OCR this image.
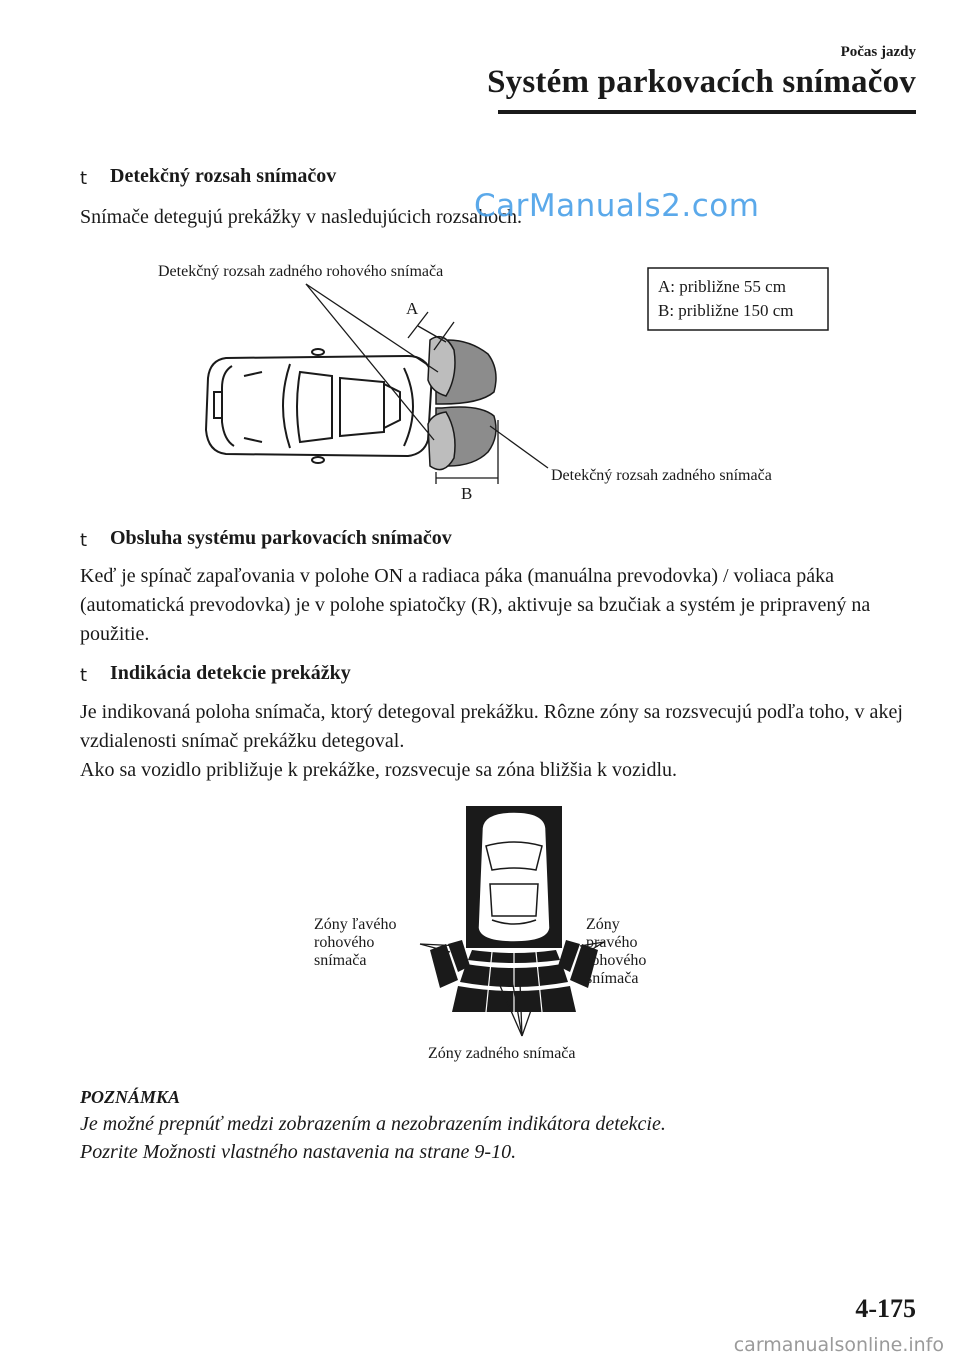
Počas jazdy
Systém parkovacích snímačov
t Detekčný rozsah snímačov
Snímače detegujú prekážky v nasledujúcich rozsahoch.
CarManuals2.com
A: približne 55 cm
B: približne 150 cm
Detekčný rozsah zadného rohového snímača
Detekčný rozsah zadného snímača
A
B
t Obsluha systému parkovacích snímačov
Keď je spínač zapaľovania v polohe ON a radiaca páka (manuálna prevodovka) / voliaca páka (automatická prevodovka) je v polohe spiatočky (R), aktivuje sa bzučiak a systém je pripravený na použitie.
t Indikácia detekcie prekážky
Je indikovaná poloha snímača, ktorý detegoval prekážku. Rôzne zóny sa rozsvecujú podľa toho, v akej vzdialenosti snímač prekážku detegoval.
Ako sa vozidlo približuje k prekážke, rozsvecuje sa zóna bližšia k vozidlu.
Zóny ľavého
rohového
snímača
Zóny
pravého
rohového
snímača
Zóny zadného snímača
POZNÁMKA
Je možné prepnúť medzi zobrazením a nezobrazením indikátora detekcie.
Pozrite Možnosti vlastného nastavenia na strane 9-10.
4-175
carmanualsonline.info
